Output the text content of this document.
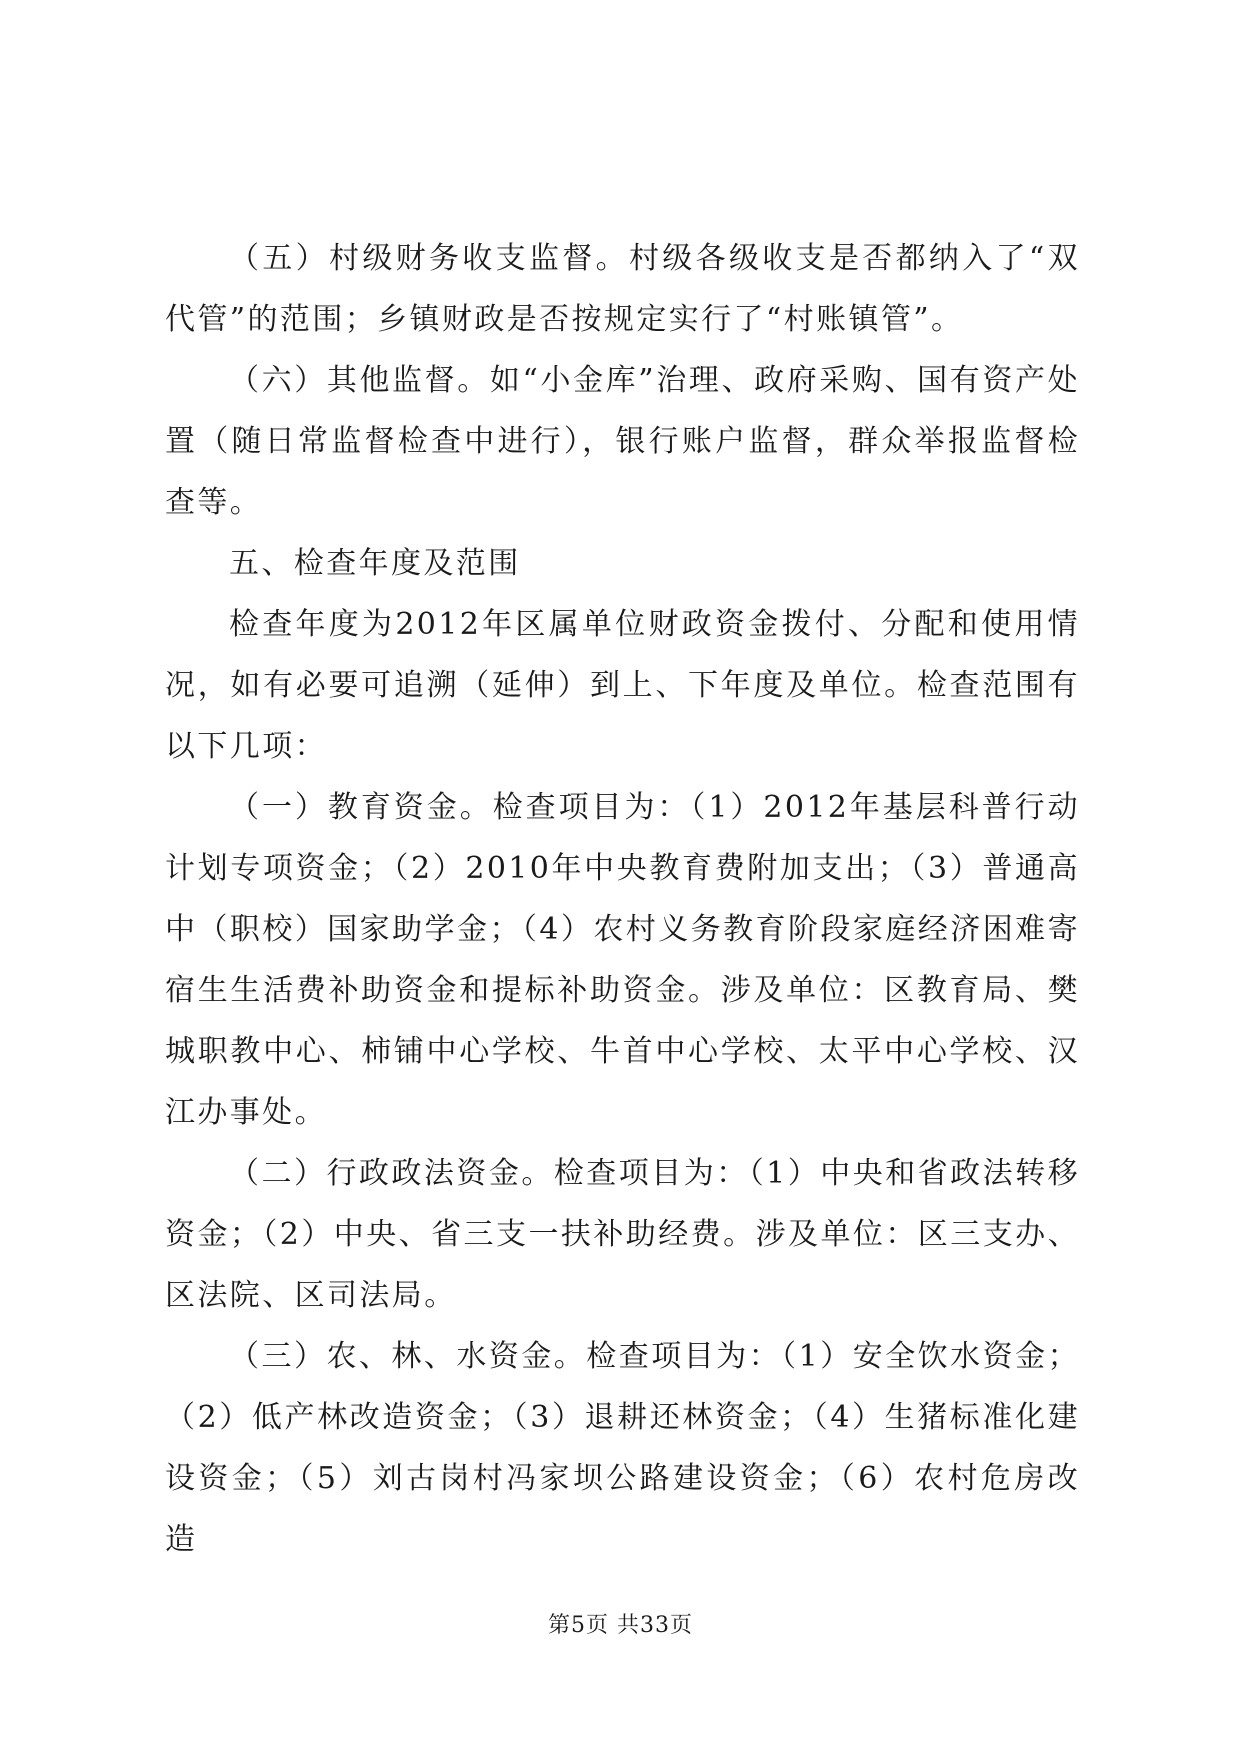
（五）村级财务收支监督。村级各级收支是否都纳入了“双代管”的范围；乡镇财政是否按规定实行了“村账镇管”。

（六）其他监督。如“小金库”治理、政府采购、国有资产处置（随日常监督检查中进行），银行账户监督，群众举报监督检查等。

五、检查年度及范围

检查年度为2012年区属单位财政资金拨付、分配和使用情况，如有必要可追溯（延伸）到上、下年度及单位。检查范围有以下几项：

（一）教育资金。检查项目为：（1）2012年基层科普行动计划专项资金；（2）2010年中央教育费附加支出；（3）普通高中（职校）国家助学金；（4）农村义务教育阶段家庭经济困难寄宿生生活费补助资金和提标补助资金。涉及单位：区教育局、樊城职教中心、柿铺中心学校、牛首中心学校、太平中心学校、汉江办事处。

（二）行政政法资金。检查项目为：（1）中央和省政法转移资金；（2）中央、省三支一扶补助经费。涉及单位：区三支办、区法院、区司法局。

（三）农、林、水资金。检查项目为：（1）安全饮水资金；（2）低产林改造资金；（3）退耕还林资金；（4）生猪标准化建设资金；（5）刘古岗村冯家坝公路建设资金；（6）农村危房改造

第5页 共33页
